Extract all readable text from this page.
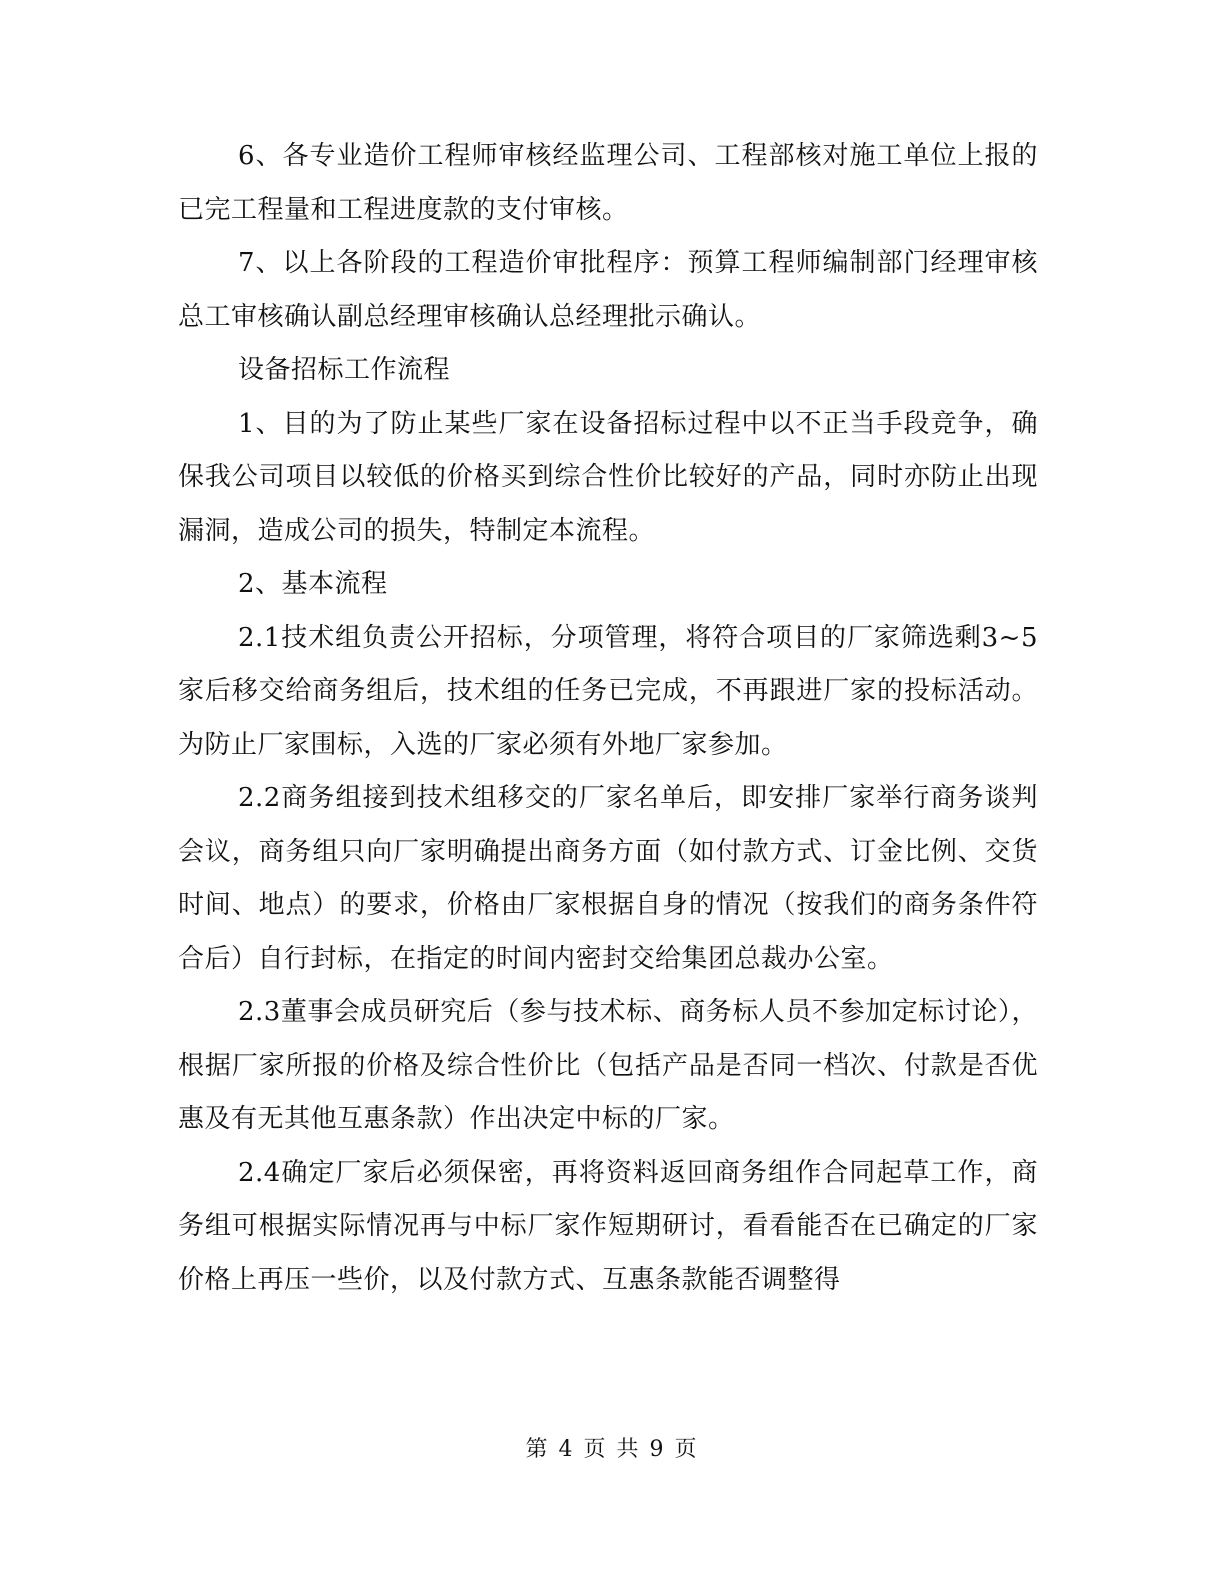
6、各专业造价工程师审核经监理公司、工程部核对施工单位上报的已完工程量和工程进度款的支付审核。

7、以上各阶段的工程造价审批程序：预算工程师编制部门经理审核总工审核确认副总经理审核确认总经理批示确认。

设备招标工作流程

1、目的为了防止某些厂家在设备招标过程中以不正当手段竞争，确保我公司项目以较低的价格买到综合性价比较好的产品，同时亦防止出现漏洞，造成公司的损失，特制定本流程。

2、基本流程

2.1技术组负责公开招标，分项管理，将符合项目的厂家筛选剩3~5家后移交给商务组后，技术组的任务已完成，不再跟进厂家的投标活动。为防止厂家围标，入选的厂家必须有外地厂家参加。

2.2商务组接到技术组移交的厂家名单后，即安排厂家举行商务谈判会议，商务组只向厂家明确提出商务方面（如付款方式、订金比例、交货时间、地点）的要求，价格由厂家根据自身的情况（按我们的商务条件符合后）自行封标，在指定的时间内密封交给集团总裁办公室。

2.3董事会成员研究后（参与技术标、商务标人员不参加定标讨论），根据厂家所报的价格及综合性价比（包括产品是否同一档次、付款是否优惠及有无其他互惠条款）作出决定中标的厂家。

2.4确定厂家后必须保密，再将资料返回商务组作合同起草工作，商务组可根据实际情况再与中标厂家作短期研讨，看看能否在已确定的厂家价格上再压一些价，以及付款方式、互惠条款能否调整得

第 4 页 共 9 页
